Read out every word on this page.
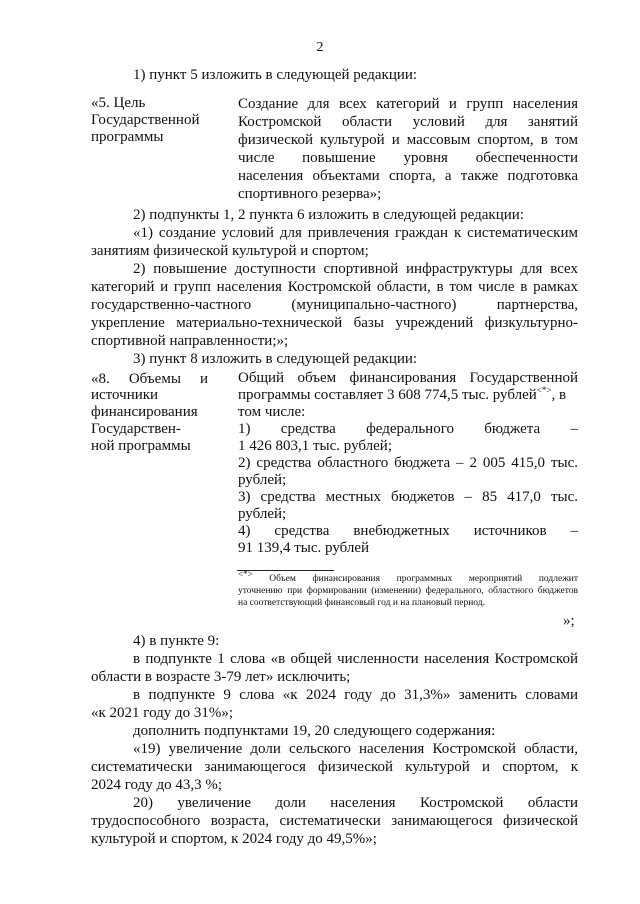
2
1) пункт 5 изложить в следующей редакции:
«5. Цель
Государственной
программы
Создание для всех категорий и групп населения
Костромской области условий для занятий
физической культурой и массовым спортом, в том
числе повышение уровня обеспеченности
населения объектами спорта, а также подготовка
спортивного резерва»;
2) подпункты 1, 2 пункта 6 изложить в следующей редакции:
«1) создание условий для привлечения граждан к систематическим
занятиям физической культурой и спортом;
2) повышение доступности спортивной инфраструктуры для всех
категорий и групп населения Костромской области, в том числе в рамках
государственно-частного (муниципально-частного) партнерства,
укрепление материально-технической базы учреждений физкультурно-
спортивной направленности;»;
3) пункт 8 изложить в следующей редакции:
«8. Объемы и
источники
финансирования
Государствен-
ной программы
Общий объем финансирования Государственной
программы составляет 3 608 774,5 тыс. рублей<*>, в
том числе:
1) средства федерального бюджета –
1 426 803,1 тыс. рублей;
2) средства областного бюджета – 2 005 415,0 тыс.
рублей;
3) средства местных бюджетов – 85 417,0 тыс.
рублей;
4) средства внебюджетных источников –
91 139,4 тыс. рублей
<*> Объем финансирования программных мероприятий подлежит
уточнению при формировании (изменении) федерального, областного бюджетов
на соответствующий финансовый год и на плановый период.
»;
4) в пункте 9:
в подпункте 1 слова «в общей численности населения Костромской
области в возрасте 3-79 лет» исключить;
в подпункте 9 слова «к 2024 году до 31,3%» заменить словами
«к 2021 году до 31%»;
дополнить подпунктами 19, 20 следующего содержания:
«19) увеличение доли сельского населения Костромской области,
систематически занимающегося физической культурой и спортом, к
2024 году до 43,3 %;
20) увеличение доли населения Костромской области
трудоспособного возраста, систематически занимающегося физической
культурой и спортом, к 2024 году до 49,5%»;
